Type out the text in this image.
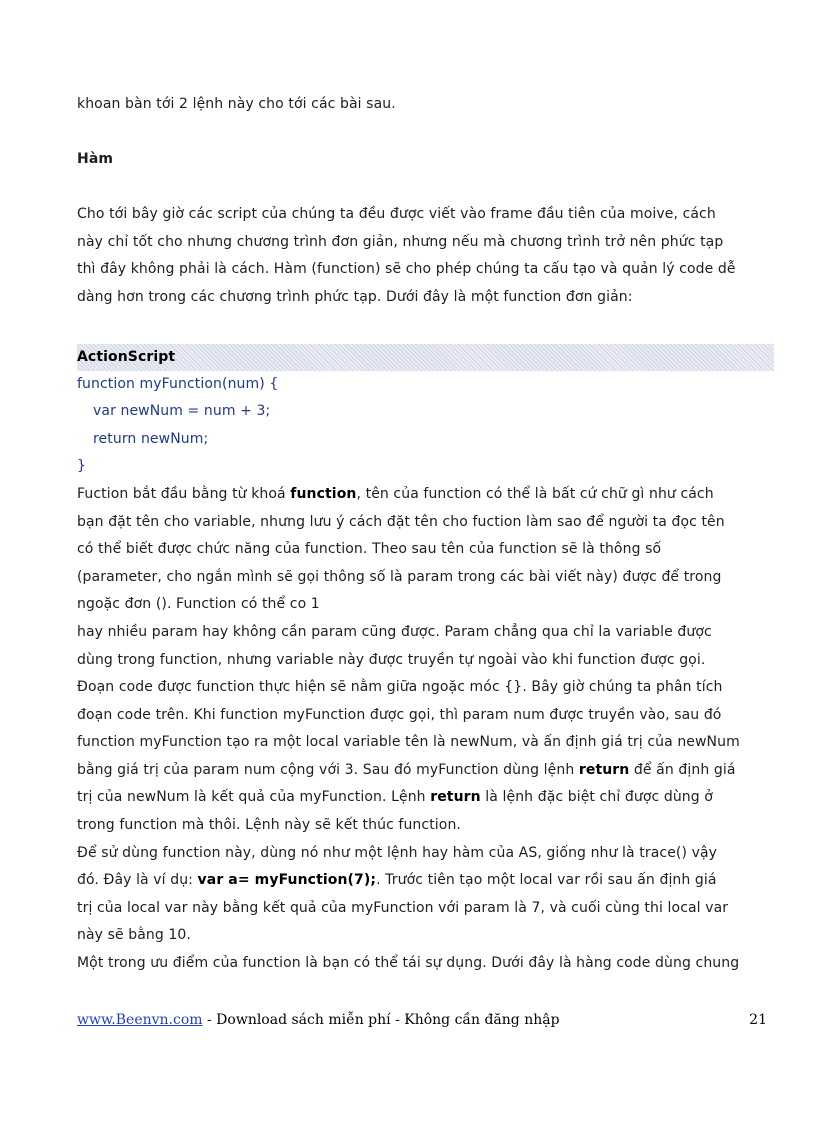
khoan bàn tới 2 lệnh này cho tới các bài sau.

Hàm

Cho tới bây giờ các script của chúng ta đều được viết vào frame đầu tiên của moive, cách

này chỉ tốt cho nhưng chương trình đơn giản, nhưng nếu mà chương trình trở nên phức tạp

thì đây không phải là cách. Hàm (function) sẽ cho phép chúng ta cấu tạo và quản lý code dễ

dàng hơn trong các chương trình phức tạp. Dưới đây là một function đơn giản:

ActionScript

function myFunction(num) {

var newNum = num + 3;

return newNum;

}

Fuction bắt đầu bằng từ khoá function, tên của function có thể là bất cứ chữ gì như cách

bạn đặt tên cho variable, nhưng lưu ý cách đặt tên cho fuction làm sao để người ta đọc tên

có thể biết được chức năng của function. Theo sau tên của function sẽ là thông số

(parameter, cho ngắn mình sẽ gọi thông số là param trong các bài viết này) được để trong

ngoặc đơn (). Function có thể co 1

hay nhiều param hay không cần param cũng được. Param chẳng qua chỉ la variable được

dùng trong function, nhưng variable này được truyền tự ngoài vào khi function được gọi.

Đoạn code được function thực hiện sẽ nằm giữa ngoặc móc {}. Bây giờ chúng ta phân tích

đoạn code trên. Khi function myFunction được gọi, thì param num được truyền vào, sau đó

function myFunction tạo ra một local variable tên là newNum, và ấn định giá trị của newNum

bằng giá trị của param num cộng với 3. Sau đó myFunction dùng lệnh return để ấn định giá

trị của newNum là kết quả của myFunction. Lệnh return là lệnh đặc biệt chỉ được dùng ở

trong function mà thôi. Lệnh này sẽ kết thúc function.

Để sử dùng function này, dùng nó như một lệnh hay hàm của AS, giống như là trace() vậy

đó. Đây là ví dụ: var a= myFunction(7);. Trước tiên tạo một local var rồi sau ấn định giá

trị của local var này bằng kết quả của myFunction với param là 7, và cuối cùng thi local var

này sẽ bằng 10.

Một trong ưu điểm của function là bạn có thể tái sự dụng. Dưới đây là hàng code dùng chung

www.Beenvn.com - Download sách miễn phí - Không cần đăng nhập	21
